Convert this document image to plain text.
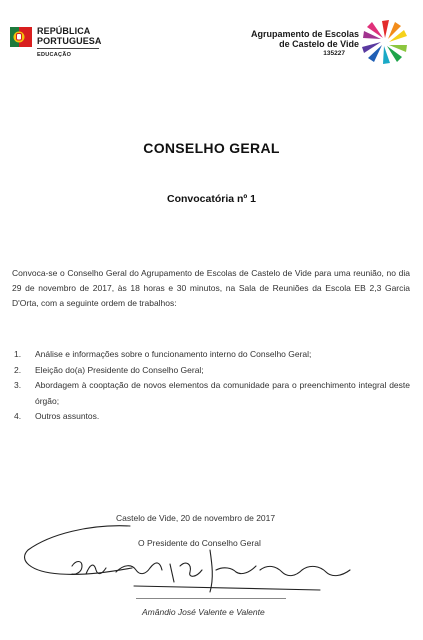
REPÚBLICA
PORTUGUESA
EDUCAÇÃO
Agrupamento de Escolas
de Castelo de Vide
135227
CONSELHO GERAL
Convocatória nº 1

Convoca-se o Conselho Geral do Agrupamento de Escolas de Castelo de Vide para uma reunião, no dia 29 de novembro de 2017, às 18 horas e 30 minutos, na Sala de Reuniões da Escola EB 2,3 Garcia D'Orta, com a seguinte ordem de trabalhos:

1. Análise e informações sobre o funcionamento interno do Conselho Geral;
2. Eleição do(a) Presidente do Conselho Geral;
3. Abordagem à cooptação de novos elementos da comunidade para o preenchimento integral deste órgão;
4. Outros assuntos.
Castelo de Vide, 20 de novembro de 2017
O Presidente do Conselho Geral
Amândio José Valente e Valente
